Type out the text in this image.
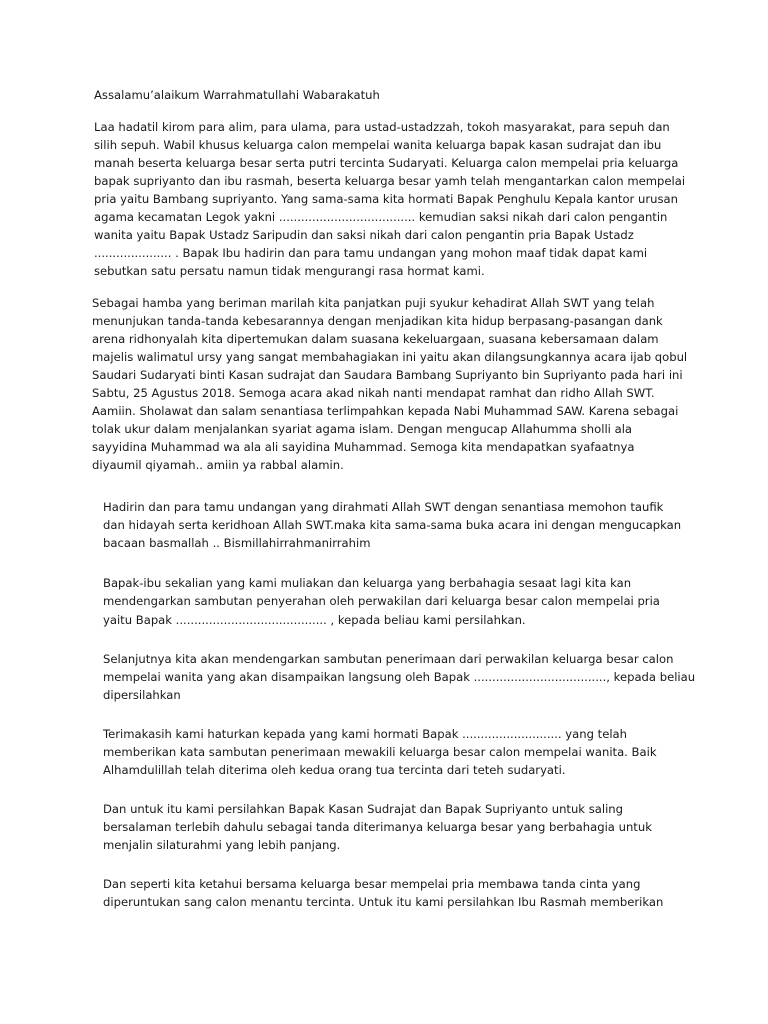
Assalamu’alaikum Warrahmatullahi Wabarakatuh
Laa hadatil kirom para alim, para ulama, para ustad-ustadzzah, tokoh masyarakat, para sepuh dan
silih sepuh. Wabil khusus keluarga calon mempelai wanita keluarga bapak kasan sudrajat dan ibu
manah beserta keluarga besar serta putri tercinta Sudaryati. Keluarga calon mempelai pria keluarga
bapak supriyanto dan ibu rasmah, beserta keluarga besar yamh telah mengantarkan calon mempelai
pria yaitu Bambang supriyanto. Yang sama-sama kita hormati Bapak Penghulu Kepala kantor urusan
agama kecamatan Legok yakni ..................................... kemudian saksi nikah dari calon pengantin
wanita yaitu Bapak Ustadz Saripudin dan saksi nikah dari calon pengantin pria Bapak Ustadz
..................... . Bapak Ibu hadirin dan para tamu undangan yang mohon maaf tidak dapat kami
sebutkan satu persatu namun tidak mengurangi rasa hormat kami.
Sebagai hamba yang beriman marilah kita panjatkan puji syukur kehadirat Allah SWT yang telah
menunjukan tanda-tanda kebesarannya dengan menjadikan kita hidup berpasang-pasangan dank
arena ridhonyalah kita dipertemukan dalam suasana kekeluargaan, suasana kebersamaan dalam
majelis walimatul ursy yang sangat membahagiakan ini yaitu akan dilangsungkannya acara ijab qobul
Saudari Sudaryati binti Kasan sudrajat dan Saudara Bambang Supriyanto bin Supriyanto pada hari ini
Sabtu, 25 Agustus 2018. Semoga acara akad nikah nanti mendapat ramhat dan ridho Allah SWT.
Aamiin. Sholawat dan salam senantiasa terlimpahkan kepada Nabi Muhammad SAW. Karena sebagai
tolak ukur dalam menjalankan syariat agama islam. Dengan mengucap Allahumma sholli ala
sayyidina Muhammad wa ala ali sayidina Muhammad. Semoga kita mendapatkan syafaatnya
diyaumil qiyamah.. amiin ya rabbal alamin.
Hadirin dan para tamu undangan yang dirahmati Allah SWT dengan senantiasa memohon taufik
dan hidayah serta keridhoan Allah SWT.maka kita sama-sama buka acara ini dengan mengucapkan
bacaan basmallah .. Bismillahirrahmanirrahim
Bapak-ibu sekalian yang kami muliakan dan keluarga yang berbahagia sesaat lagi kita kan
mendengarkan sambutan penyerahan oleh perwakilan dari keluarga besar calon mempelai pria
yaitu Bapak ......................................... , kepada beliau kami persilahkan.
Selanjutnya kita akan mendengarkan sambutan penerimaan dari perwakilan keluarga besar calon
mempelai wanita yang akan disampaikan langsung oleh Bapak ...................................., kepada beliau
dipersilahkan
Terimakasih kami haturkan kepada yang kami hormati Bapak ........................... yang telah
memberikan kata sambutan penerimaan mewakili keluarga besar calon mempelai wanita. Baik
Alhamdulillah telah diterima oleh kedua orang tua tercinta dari teteh sudaryati.
Dan untuk itu kami persilahkan Bapak Kasan Sudrajat dan Bapak Supriyanto untuk saling
bersalaman terlebih dahulu sebagai tanda diterimanya keluarga besar yang berbahagia untuk
menjalin silaturahmi yang lebih panjang.
Dan seperti kita ketahui bersama keluarga besar mempelai pria membawa tanda cinta yang
diperuntukan sang calon menantu tercinta. Untuk itu kami persilahkan Ibu Rasmah memberikan
